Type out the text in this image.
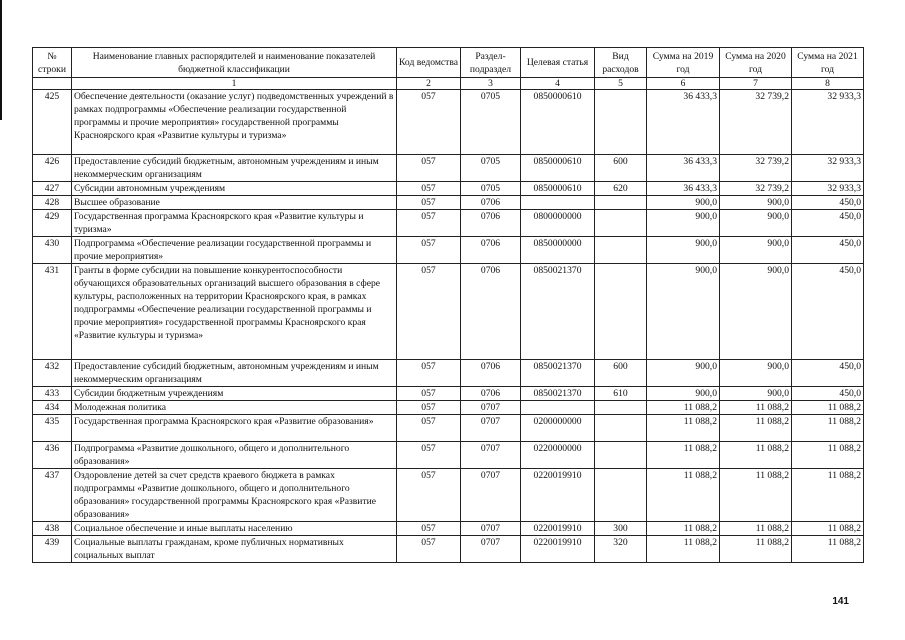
№ строки	Наименование главных распорядителей и наименование показателей бюджетной классификации	Код ведомства	Раздел-подраздел	Целевая статья	Вид расходов	Сумма на 2019 год	Сумма на 2020 год	Сумма на 2021 год
	1	2	3	4	5	6	7	8
425	Обеспечение деятельности (оказание услуг) подведомственных учреждений в рамках подпрограммы «Обеспечение реализации государственной программы и прочие мероприятия» государственной программы Красноярского края «Развитие культуры и туризма»	057	0705	0850000610		36 433,3	32 739,2	32 933,3
426	Предоставление субсидий бюджетным, автономным учреждениям и иным некоммерческим организациям	057	0705	0850000610	600	36 433,3	32 739,2	32 933,3
427	Субсидии автономным учреждениям	057	0705	0850000610	620	36 433,3	32 739,2	32 933,3
428	Высшее образование	057	0706			900,0	900,0	450,0
429	Государственная программа Красноярского края «Развитие культуры и туризма»	057	0706	0800000000		900,0	900,0	450,0
430	Подпрограмма «Обеспечение реализации государственной программы и прочие мероприятия»	057	0706	0850000000		900,0	900,0	450,0
431	Гранты в форме субсидии на повышение конкурентоспособности обучающихся образовательных организаций высшего образования в сфере культуры, расположенных на территории Красноярского края, в рамках подпрограммы «Обеспечение реализации государственной программы и прочие мероприятия» государственной программы Красноярского края «Развитие культуры и туризма»	057	0706	0850021370		900,0	900,0	450,0
432	Предоставление субсидий бюджетным, автономным учреждениям и иным некоммерческим организациям	057	0706	0850021370	600	900,0	900,0	450,0
433	Субсидии бюджетным учреждениям	057	0706	0850021370	610	900,0	900,0	450,0
434	Молодежная политика	057	0707			11 088,2	11 088,2	11 088,2
435	Государственная программа Красноярского края «Развитие образования»	057	0707	0200000000		11 088,2	11 088,2	11 088,2
436	Подпрограмма «Развитие дошкольного, общего и дополнительного образования»	057	0707	0220000000		11 088,2	11 088,2	11 088,2
437	Оздоровление детей за счет средств краевого бюджета в рамках подпрограммы «Развитие дошкольного, общего и дополнительного образования» государственной программы Красноярского края «Развитие образования»	057	0707	0220019910		11 088,2	11 088,2	11 088,2
438	Социальное обеспечение и иные выплаты населению	057	0707	0220019910	300	11 088,2	11 088,2	11 088,2
439	Социальные выплаты гражданам, кроме публичных нормативных социальных выплат	057	0707	0220019910	320	11 088,2	11 088,2	11 088,2
141
